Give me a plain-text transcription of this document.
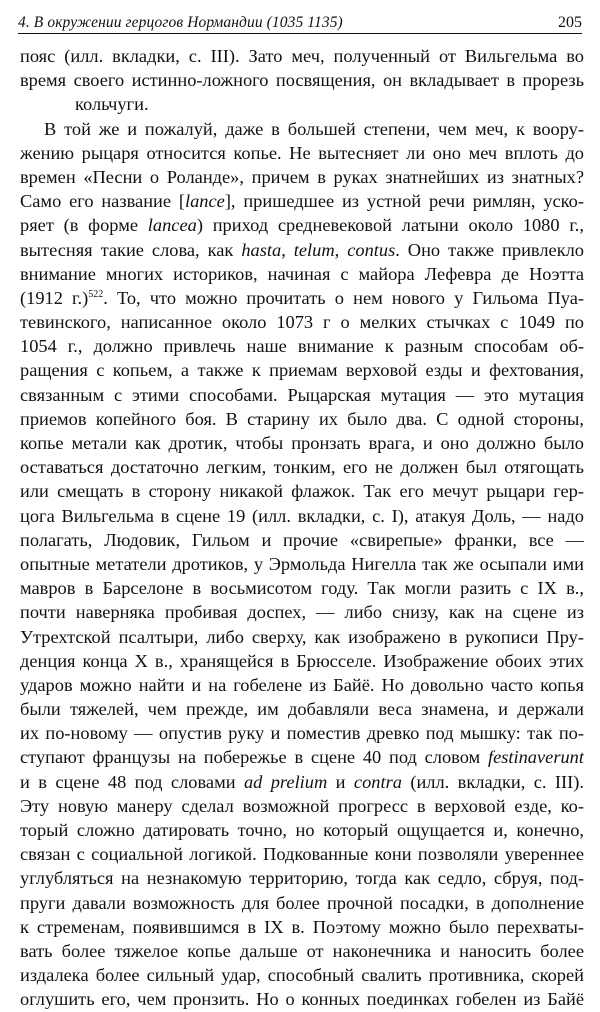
4. В окружении герцогов Нормандии (1035 1135)	205
пояс (илл. вкладки, с. III). Зато меч, полученный от Вильгельма во
время своего истинно-ложного посвящения, он вкладывает в прорезь
кольчуги.
В той же и пожалуй, даже в большей степени, чем меч, к воору-
жению рыцаря относится копье. Не вытесняет ли оно меч вплоть до
времен «Песни о Роланде», причем в руках знатнейших из знатных?
Само его название [lance], пришедшее из устной речи римлян, уско-
ряет (в форме lancea) приход средневековой латыни около 1080 г.,
вытесняя такие слова, как hasta, telum, contus. Оно также привлекло
внимание многих историков, начиная с майора Лефевра де Ноэтта
(1912 г.)$^{522}$. То, что можно прочитать о нем нового у Гильома Пуа-
тевинского, написанное около 1073 г о мелких стычках с 1049 по
1054 г., должно привлечь наше внимание к разным способам об-
ращения с копьем, а также к приемам верховой езды и фехтования,
связанным с этими способами. Рыцарская мутация — это мутация
приемов копейного боя. В старину их было два. С одной стороны,
копье метали как дротик, чтобы пронзать врага, и оно должно было
оставаться достаточно легким, тонким, его не должен был отягощать
или смещать в сторону никакой флажок. Так его мечут рыцари гер-
цога Вильгельма в сцене 19 (илл. вкладки, с. I), атакуя Доль, — надо
полагать, Людовик, Гильом и прочие «свирепые» франки, все —
опытные метатели дротиков, у Эрмольда Нигелла так же осыпали ими
мавров в Барселоне в восьмисотом году. Так могли разить с IX в.,
почти наверняка пробивая доспех, — либо снизу, как на сцене из
Утрехтской псалтыри, либо сверху, как изображено в рукописи Пру-
денция конца X в., хранящейся в Брюсселе. Изображение обоих этих
ударов можно найти и на гобелене из Байё. Но довольно часто копья
были тяжелей, чем прежде, им добавляли веса знамена, и держали
их по-новому — опустив руку и поместив древко под мышку: так по-
ступают французы на побережье в сцене 40 под словом festinaverunt
и в сцене 48 под словами ad prelium и contra (илл. вкладки, с. III).
Эту новую манеру сделал возможной прогресс в верховой езде, ко-
торый сложно датировать точно, но который ощущается и, конечно,
связан с социальной логикой. Подкованные кони позволяли увереннее
углубляться на незнакомую территорию, тогда как седло, сбруя, под-
пруги давали возможность для более прочной посадки, в дополнение
к стременам, появившимся в IX в. Поэтому можно было перехваты-
вать более тяжелое копье дальше от наконечника и наносить более
издалека более сильный удар, способный свалить противника, скорей
оглушить его, чем пронзить. Но о конных поединках гобелен из Байё
